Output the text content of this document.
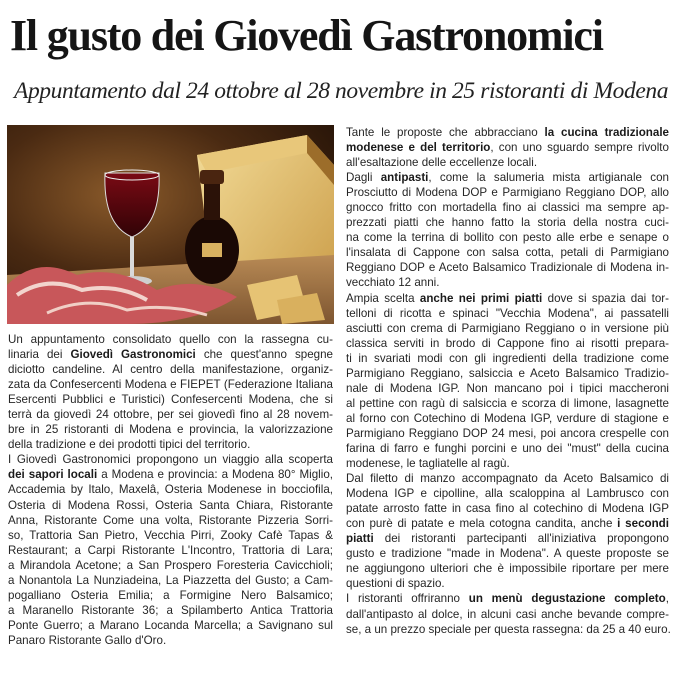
Il gusto dei Giovedì Gastronomici
Appuntamento dal 24 ottobre al 28 novembre in 25 ristoranti di Modena
Un appuntamento consolidato quello con la rassegna cu-
linaria dei Giovedì Gastronomici che quest'anno spegne
diciotto candeline. Al centro della manifestazione, organiz-
zata da Confesercenti Modena e FIEPET (Federazione Italiana
Esercenti Pubblici e Turistici) Confesercenti Modena, che si
terrà da giovedì 24 ottobre, per sei giovedì fino al 28 novem-
bre in 25 ristoranti di Modena e provincia, la valorizzazione
della tradizione e dei prodotti tipici del territorio.
I Giovedì Gastronomici propongono un viaggio alla scoperta
dei sapori locali a Modena e provincia: a Modena 80° Miglio,
Accademia by Italo, Maxelâ, Osteria Modenese in bocciofila,
Osteria di Modena Rossi, Osteria Santa Chiara, Ristorante
Anna, Ristorante Come una volta, Ristorante Pizzeria Sorri-
so, Trattoria San Pietro, Vecchia Pirri, Zooky Cafè Tapas &
Restaurant; a Carpi Ristorante L'Incontro, Trattoria di Lara;
a Mirandola Acetone; a San Prospero Foresteria Cavicchioli;
a Nonantola La Nunziadeina, La Piazzetta del Gusto; a Cam-
pogalliano Osteria Emilia; a Formigine Nero Balsamico;
a Maranello Ristorante 36; a Spilamberto Antica Trattoria
Ponte Guerro; a Marano Locanda Marcella; a Savignano sul
Panaro Ristorante Gallo d'Oro.
Tante le proposte che abbracciano la cucina tradizionale
modenese e del territorio, con uno sguardo sempre rivolto
all'esaltazione delle eccellenze locali.
Dagli antipasti, come la salumeria mista artigianale con
Prosciutto di Modena DOP e Parmigiano Reggiano DOP, allo
gnocco fritto con mortadella fino ai classici ma sempre ap-
prezzati piatti che hanno fatto la storia della nostra cuci-
na come la terrina di bollito con pesto alle erbe e senape o
l'insalata di Cappone con salsa cotta, petali di Parmigiano
Reggiano DOP e Aceto Balsamico Tradizionale di Modena in-
vecchiato 12 anni.
Ampia scelta anche nei primi piatti dove si spazia dai tor-
telloni di ricotta e spinaci "Vecchia Modena", ai passatelli
asciutti con crema di Parmigiano Reggiano o in versione più
classica serviti in brodo di Cappone fino ai risotti prepara-
ti in svariati modi con gli ingredienti della tradizione come
Parmigiano Reggiano, salsiccia e Aceto Balsamico Tradizio-
nale di Modena IGP. Non mancano poi i tipici maccheroni
al pettine con ragù di salsiccia e scorza di limone, lasagnette
al forno con Cotechino di Modena IGP, verdure di stagione e
Parmigiano Reggiano DOP 24 mesi, poi ancora crespelle con
farina di farro e funghi porcini e uno dei "must" della cucina
modenese, le tagliatelle al ragù.
Dal filetto di manzo accompagnato da Aceto Balsamico di
Modena IGP e cipolline, alla scaloppina al Lambrusco con
patate arrosto fatte in casa fino al cotechino di Modena IGP
con purè di patate e mela cotogna candita, anche i secondi
piatti dei ristoranti partecipanti all'iniziativa propongono
gusto e tradizione "made in Modena". A queste proposte se
ne aggiungono ulteriori che è impossibile riportare per mere
questioni di spazio.
I ristoranti offriranno un menù degustazione completo,
dall'antipasto al dolce, in alcuni casi anche bevande compre-
se, a un prezzo speciale per questa rassegna: da 25 a 40 euro.
